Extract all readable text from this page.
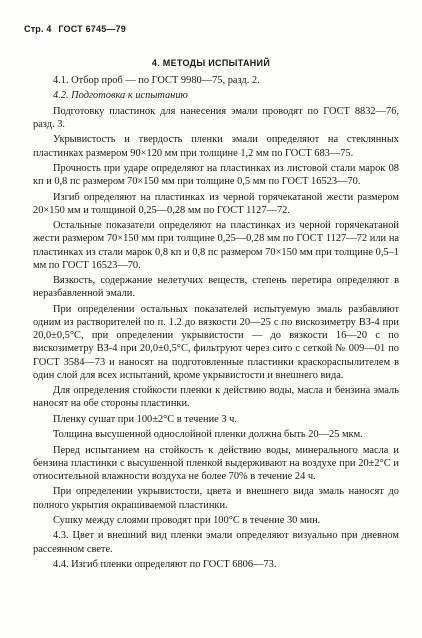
Стр. 4 ГОСТ 6745—79
4. МЕТОДЫ ИСПЫТАНИЙ

4.1. Отбор проб — по ГОСТ 9980—75, разд. 2.

4.2. Подготовка к испытанию

Подготовку пластинок для нанесения эмали проводят по ГОСТ 8832—76, разд. 3.

Укрывистость и твердость пленки эмали определяют на стеклянных пластинках размером 90×120 мм при толщине 1,2 мм по ГОСТ 683—75.

Прочность при ударе определяют на пластинках из листовой стали марок 08 кп и 0,8 пс размером 70×150 мм при толщине 0,5 мм по ГОСТ 16523—70.

Изгиб определяют на пластинках из черной горячекатаной жести размером 20×150 мм и толщиной 0,25—0,28 мм по ГОСТ 1127—72.

Остальные показатели определяют на пластинках из черной горячекатаной жести размером 70×150 мм при толщине 0,25—0,28 мм по ГОСТ 1127—72 или на пластинках из стали марок 0,8 кп и 0,8 пс размером 70×150 мм при толщине 0,5–1 мм по ГОСТ 16523—70.

Вязкость, содержание нелетучих веществ, степень перетира определяют в неразбавленной эмали.

При определении остальных показателей испытуемую эмаль разбавляют одним из растворителей по п. 1.2 до вязкости 20—25 с по вискозиметру ВЗ-4 при 20,0±0,5°С, при определении укрывистости — до вязкости 16—20 с по вискозиметру ВЗ-4 при 20,0±0,5°С, фильтруют через сито с сеткой № 009—01 по ГОСТ 3584—73 и наносят на подготовленные пластинки краскораспылителем в один слой для всех испытаний, кроме укрывистости и внешнего вида.

Для определения стойкости пленки к действию воды, масла и бензина эмаль наносят на обе стороны пластинки.

Пленку сушат при 100±2°С в течение 3 ч.

Толщина высушенной однослойной пленки должна быть 20—25 мкм.

Перед испытанием на стойкость к действию воды, минерального масла и бензина пластинки с высушенной пленкой выдерживают на воздухе при 20±2°С и относительной влажности воздуха не более 70% в течение 24 ч.

При определении укрывистости, цвета и внешнего вида эмаль наносят до полного укрытия окрашиваемой пластинки.

Сушку между слоями проводят при 100°С в течение 30 мин.

4.3. Цвет и внешний вид пленки эмали определяют визуально при дневном рассеянном свете.

4.4. Изгиб пленки определяют по ГОСТ 6806—73.
